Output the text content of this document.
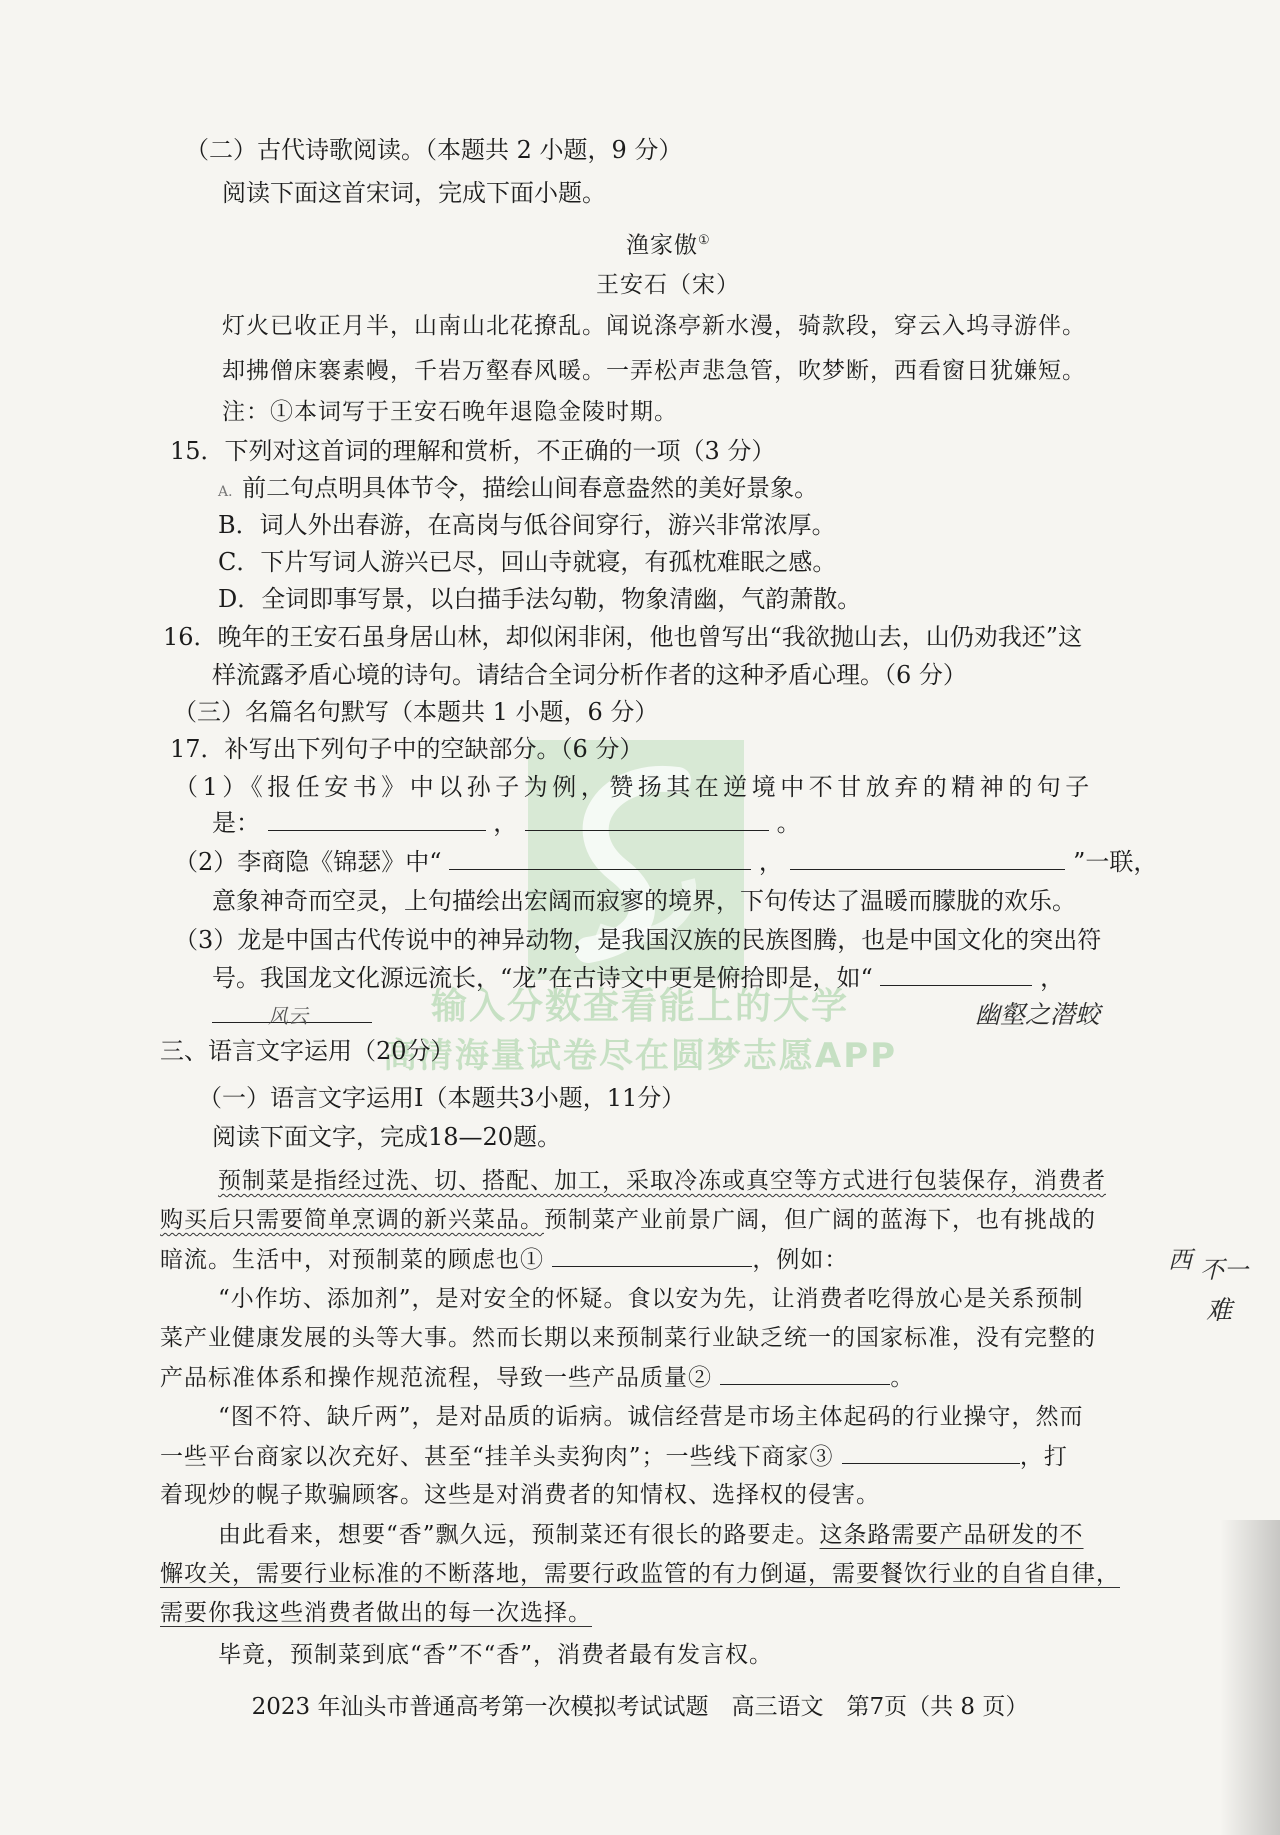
（二）古代诗歌阅读。（本题共 2 小题，9 分）
阅读下面这首宋词，完成下面小题。
渔家傲①
王安石（宋）
灯火已收正月半，山南山北花撩乱。闻说涤亭新水漫，骑款段，穿云入坞寻游伴。
却拂僧床褰素幔，千岩万壑春风暖。一弄松声悲急管，吹梦断，西看窗日犹嫌短。
注：①本词写于王安石晚年退隐金陵时期。
15．下列对这首词的理解和赏析，不正确的一项（3 分）
A．前二句点明具体节令，描绘山间春意盎然的美好景象。
B．词人外出春游，在高岗与低谷间穿行，游兴非常浓厚。
C．下片写词人游兴已尽，回山寺就寝，有孤枕难眠之感。
D．全词即事写景，以白描手法勾勒，物象清幽，气韵萧散。
16．晚年的王安石虽身居山林，却似闲非闲，他也曾写出“我欲抛山去，山仍劝我还”这
样流露矛盾心境的诗句。请结合全词分析作者的这种矛盾心理。（6 分）
（三）名篇名句默写（本题共 1 小题，6 分）
17．补写出下列句子中的空缺部分。（6 分）
（1）《报任安书》中以孙子为例，赞扬其在逆境中不甘放弃的精神的句子
是：	，	。
（2）李商隐《锦瑟》中“	，	”一联，
意象神奇而空灵，上句描绘出宏阔而寂寥的境界，下句传达了温暖而朦胧的欢乐。
（3）龙是中国古代传说中的神异动物，是我国汉族的民族图腾，也是中国文化的突出符
号。我国龙文化源远流长，“龙”在古诗文中更是俯拾即是，如“	，
幽壑之潜蛟
风云
西 不一
难
输入分数查看能上的大学
高清海量试卷尽在圆梦志愿APP
三、语言文字运用（20分）
（一）语言文字运用Ⅰ（本题共3小题，11分）
阅读下面文字，完成18—20题。
预制菜是指经过洗、切、搭配、加工，采取冷冻或真空等方式进行包装保存，消费者
购买后只需要简单烹调的新兴菜品。预制菜产业前景广阔，但广阔的蓝海下，也有挑战的
暗流。生活中，对预制菜的顾虑也①	，例如：
“小作坊、添加剂”，是对安全的怀疑。食以安为先，让消费者吃得放心是关系预制
菜产业健康发展的头等大事。然而长期以来预制菜行业缺乏统一的国家标准，没有完整的
产品标准体系和操作规范流程，导致一些产品质量②	。
“图不符、缺斤两”，是对品质的诟病。诚信经营是市场主体起码的行业操守，然而
一些平台商家以次充好、甚至“挂羊头卖狗肉”；一些线下商家③	，打
着现炒的幌子欺骗顾客。这些是对消费者的知情权、选择权的侵害。
由此看来，想要“香”飘久远，预制菜还有很长的路要走。这条路需要产品研发的不
懈攻关，需要行业标准的不断落地，需要行政监管的有力倒逼，需要餐饮行业的自省自律，
需要你我这些消费者做出的每一次选择。
毕竟，预制菜到底“香”不“香”，消费者最有发言权。
2023 年汕头市普通高考第一次模拟考试试题　高三语文　第7页（共 8 页）
